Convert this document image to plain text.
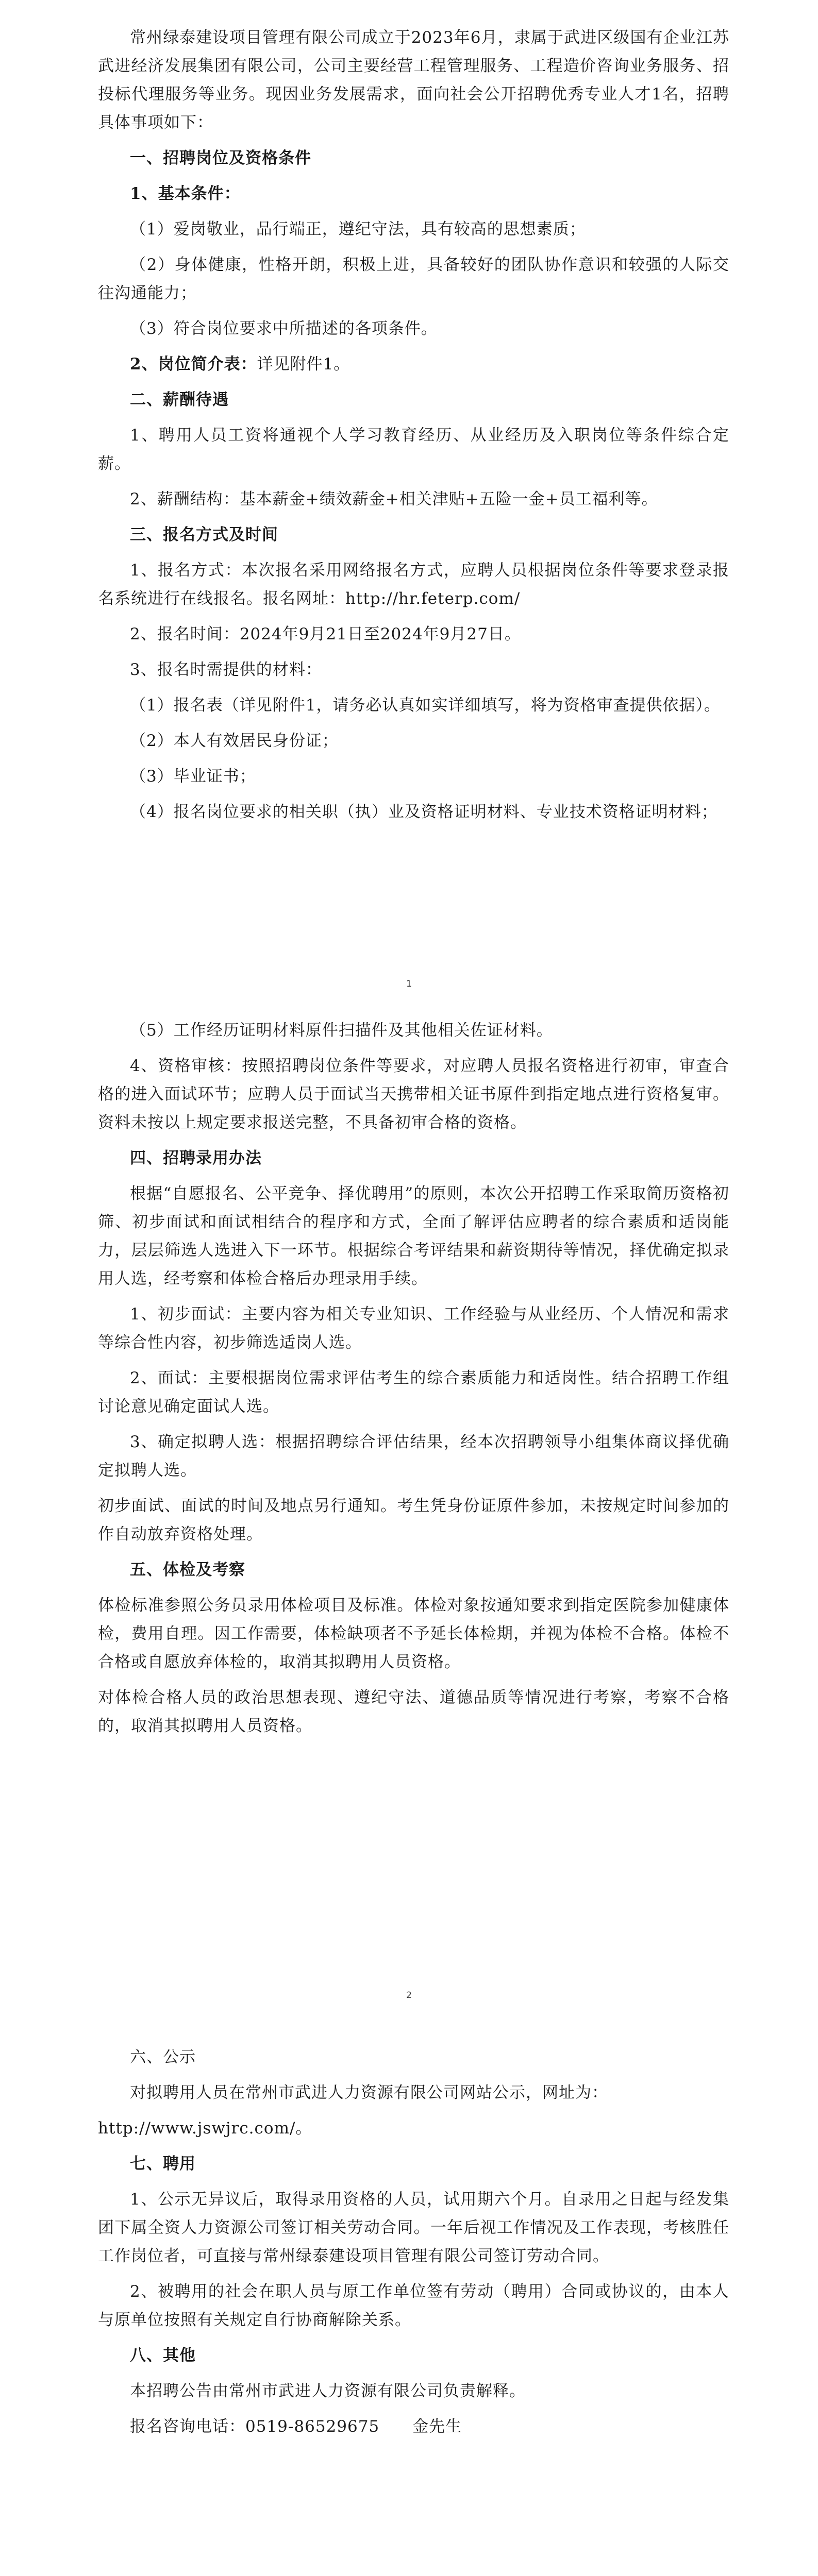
常州绿泰建设项目管理有限公司成立于2023年6月，隶属于武进区级国有企业江苏武进经济发展集团有限公司，公司主要经营工程管理服务、工程造价咨询业务服务、招投标代理服务等业务。现因业务发展需求，面向社会公开招聘优秀专业人才1名，招聘具体事项如下：

一、招聘岗位及资格条件

1、基本条件：

（1）爱岗敬业，品行端正，遵纪守法，具有较高的思想素质；

（2）身体健康，性格开朗，积极上进，具备较好的团队协作意识和较强的人际交往沟通能力；

（3）符合岗位要求中所描述的各项条件。

2、岗位简介表：详见附件1。

二、薪酬待遇

1、聘用人员工资将通视个人学习教育经历、从业经历及入职岗位等条件综合定薪。

2、薪酬结构：基本薪金+绩效薪金+相关津贴+五险一金+员工福利等。

三、报名方式及时间

1、报名方式：本次报名采用网络报名方式，应聘人员根据岗位条件等要求登录报名系统进行在线报名。报名网址：http://hr.feterp.com/

2、报名时间：2024年9月21日至2024年9月27日。

3、报名时需提供的材料：

（1）报名表（详见附件1，请务必认真如实详细填写，将为资格审查提供依据）。

（2）本人有效居民身份证；

（3）毕业证书；

（4）报名岗位要求的相关职（执）业及资格证明材料、专业技术资格证明材料；

1

（5）工作经历证明材料原件扫描件及其他相关佐证材料。

4、资格审核：按照招聘岗位条件等要求，对应聘人员报名资格进行初审，审查合格的进入面试环节；应聘人员于面试当天携带相关证书原件到指定地点进行资格复审。资料未按以上规定要求报送完整，不具备初审合格的资格。

四、招聘录用办法

根据“自愿报名、公平竞争、择优聘用”的原则，本次公开招聘工作采取简历资格初筛、初步面试和面试相结合的程序和方式，全面了解评估应聘者的综合素质和适岗能力，层层筛选人选进入下一环节。根据综合考评结果和薪资期待等情况，择优确定拟录用人选，经考察和体检合格后办理录用手续。

1、初步面试：主要内容为相关专业知识、工作经验与从业经历、个人情况和需求等综合性内容，初步筛选适岗人选。

2、面试：主要根据岗位需求评估考生的综合素质能力和适岗性。结合招聘工作组讨论意见确定面试人选。

3、确定拟聘人选：根据招聘综合评估结果，经本次招聘领导小组集体商议择优确定拟聘人选。

初步面试、面试的时间及地点另行通知。考生凭身份证原件参加，未按规定时间参加的作自动放弃资格处理。

五、体检及考察

体检标准参照公务员录用体检项目及标准。体检对象按通知要求到指定医院参加健康体检，费用自理。因工作需要，体检缺项者不予延长体检期，并视为体检不合格。体检不合格或自愿放弃体检的，取消其拟聘用人员资格。

对体检合格人员的政治思想表现、遵纪守法、道德品质等情况进行考察，考察不合格的，取消其拟聘用人员资格。

2

六、公示

对拟聘用人员在常州市武进人力资源有限公司网站公示，网址为：

http://www.jswjrc.com/。

七、聘用

1、公示无异议后，取得录用资格的人员，试用期六个月。自录用之日起与经发集团下属全资人力资源公司签订相关劳动合同。一年后视工作情况及工作表现，考核胜任工作岗位者，可直接与常州绿泰建设项目管理有限公司签订劳动合同。

2、被聘用的社会在职人员与原工作单位签有劳动（聘用）合同或协议的，由本人与原单位按照有关规定自行协商解除关系。

八、其他

本招聘公告由常州市武进人力资源有限公司负责解释。

报名咨询电话：0519-86529675　　金先生
